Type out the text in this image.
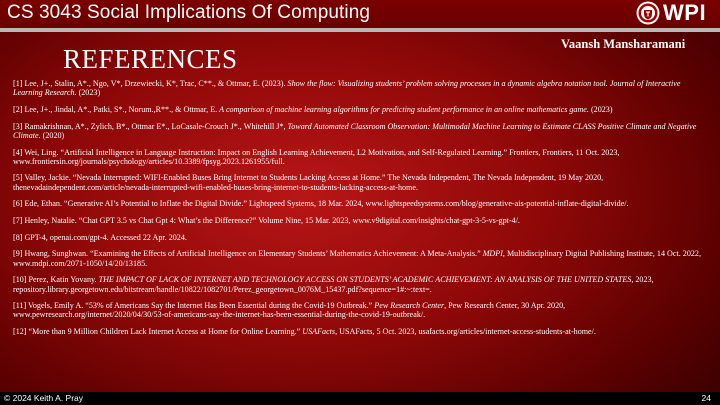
CS 3043 Social Implications Of Computing	WPI
Vaansh Mansharamani
REFERENCES
[1] Lee, J+., Stalin, A*., Ngo, V*, Drzewiecki, K*, Trac, C**., & Ottmar, E. (2023). Show the flow: Visualizing students’ problem solving processes in a dynamic algebra notation tool. Journal of Interactive Learning Research. (2023)
[2] Lee, J+., Jindal, A*., Patki, S*., Norum.,R**., & Ottmar, E. A comparison of machine learning algorithms for predicting student performance in an online mathematics game. (2023)
[3] Ramakrishnan, A*., Zylich, B*., Ottmar E*., LoCasale-Crouch J*., Whitehill J*, Toward Automated Classroom Observation: Multimodal Machine Learning to Estimate CLASS Positive Climate and Negative Climate. (2020)
[4] Wei, Ling. “Artificial Intelligence in Language Instruction: Impact on English Learning Achievement, L2 Motivation, and Self-Regulated Learning.” Frontiers, Frontiers, 11 Oct. 2023, www.frontiersin.org/journals/psychology/articles/10.3389/fpsyg.2023.1261955/full.
[5] Valley, Jackie. “Nevada Interrupted: WIFI-Enabled Buses Bring Internet to Students Lacking Access at Home.” The Nevada Independent, The Nevada Independent, 19 May 2020, thenevadaindependent.com/article/nevada-interrupted-wifi-enabled-buses-bring-internet-to-students-lacking-access-at-home.
[6] Ede, Ethan. “Generative AI’s Potential to Inflate the Digital Divide.” Lightspeed Systems, 18 Mar. 2024, www.lightspeedsystems.com/blog/generative-ais-potential-inflate-digital-divide/.
[7] Henley, Natalie. “Chat GPT 3.5 vs Chat Gpt 4: What’s the Difference?” Volume Nine, 15 Mar. 2023, www.v9digital.com/insights/chat-gpt-3-5-vs-gpt-4/.
[8] GPT-4, openai.com/gpt-4. Accessed 22 Apr. 2024.
[9] Hwang, Sunghwan. “Examining the Effects of Artificial Intelligence on Elementary Students’ Mathematics Achievement: A Meta-Analysis.” MDPI, Multidisciplinary Digital Publishing Institute, 14 Oct. 2022, www.mdpi.com/2071-1050/14/20/13185.
[10] Perez, Katin Yovany. THE IMPACT OF LACK OF INTERNET AND TECHNOLOGY ACCESS ON STUDENTS’ ACADEMIC ACHIEVEMENT: AN ANALYSIS OF THE UNITED STATES, 2023, repository.library.georgetown.edu/bitstream/handle/10822/1082701/Perez_georgetown_0076M_15437.pdf?sequence=1#:~:text=.
[11] Vogels, Emily A. “53% of Americans Say the Internet Has Been Essential during the Covid-19 Outbreak.” Pew Research Center, Pew Research Center, 30 Apr. 2020, www.pewresearch.org/internet/2020/04/30/53-of-americans-say-the-internet-has-been-essential-during-the-covid-19-outbreak/.
[12] “More than 9 Million Children Lack Internet Access at Home for Online Learning.” USAFacts, USAFacts, 5 Oct. 2023, usafacts.org/articles/internet-access-students-at-home/.
© 2024 Keith A. Pray	24
